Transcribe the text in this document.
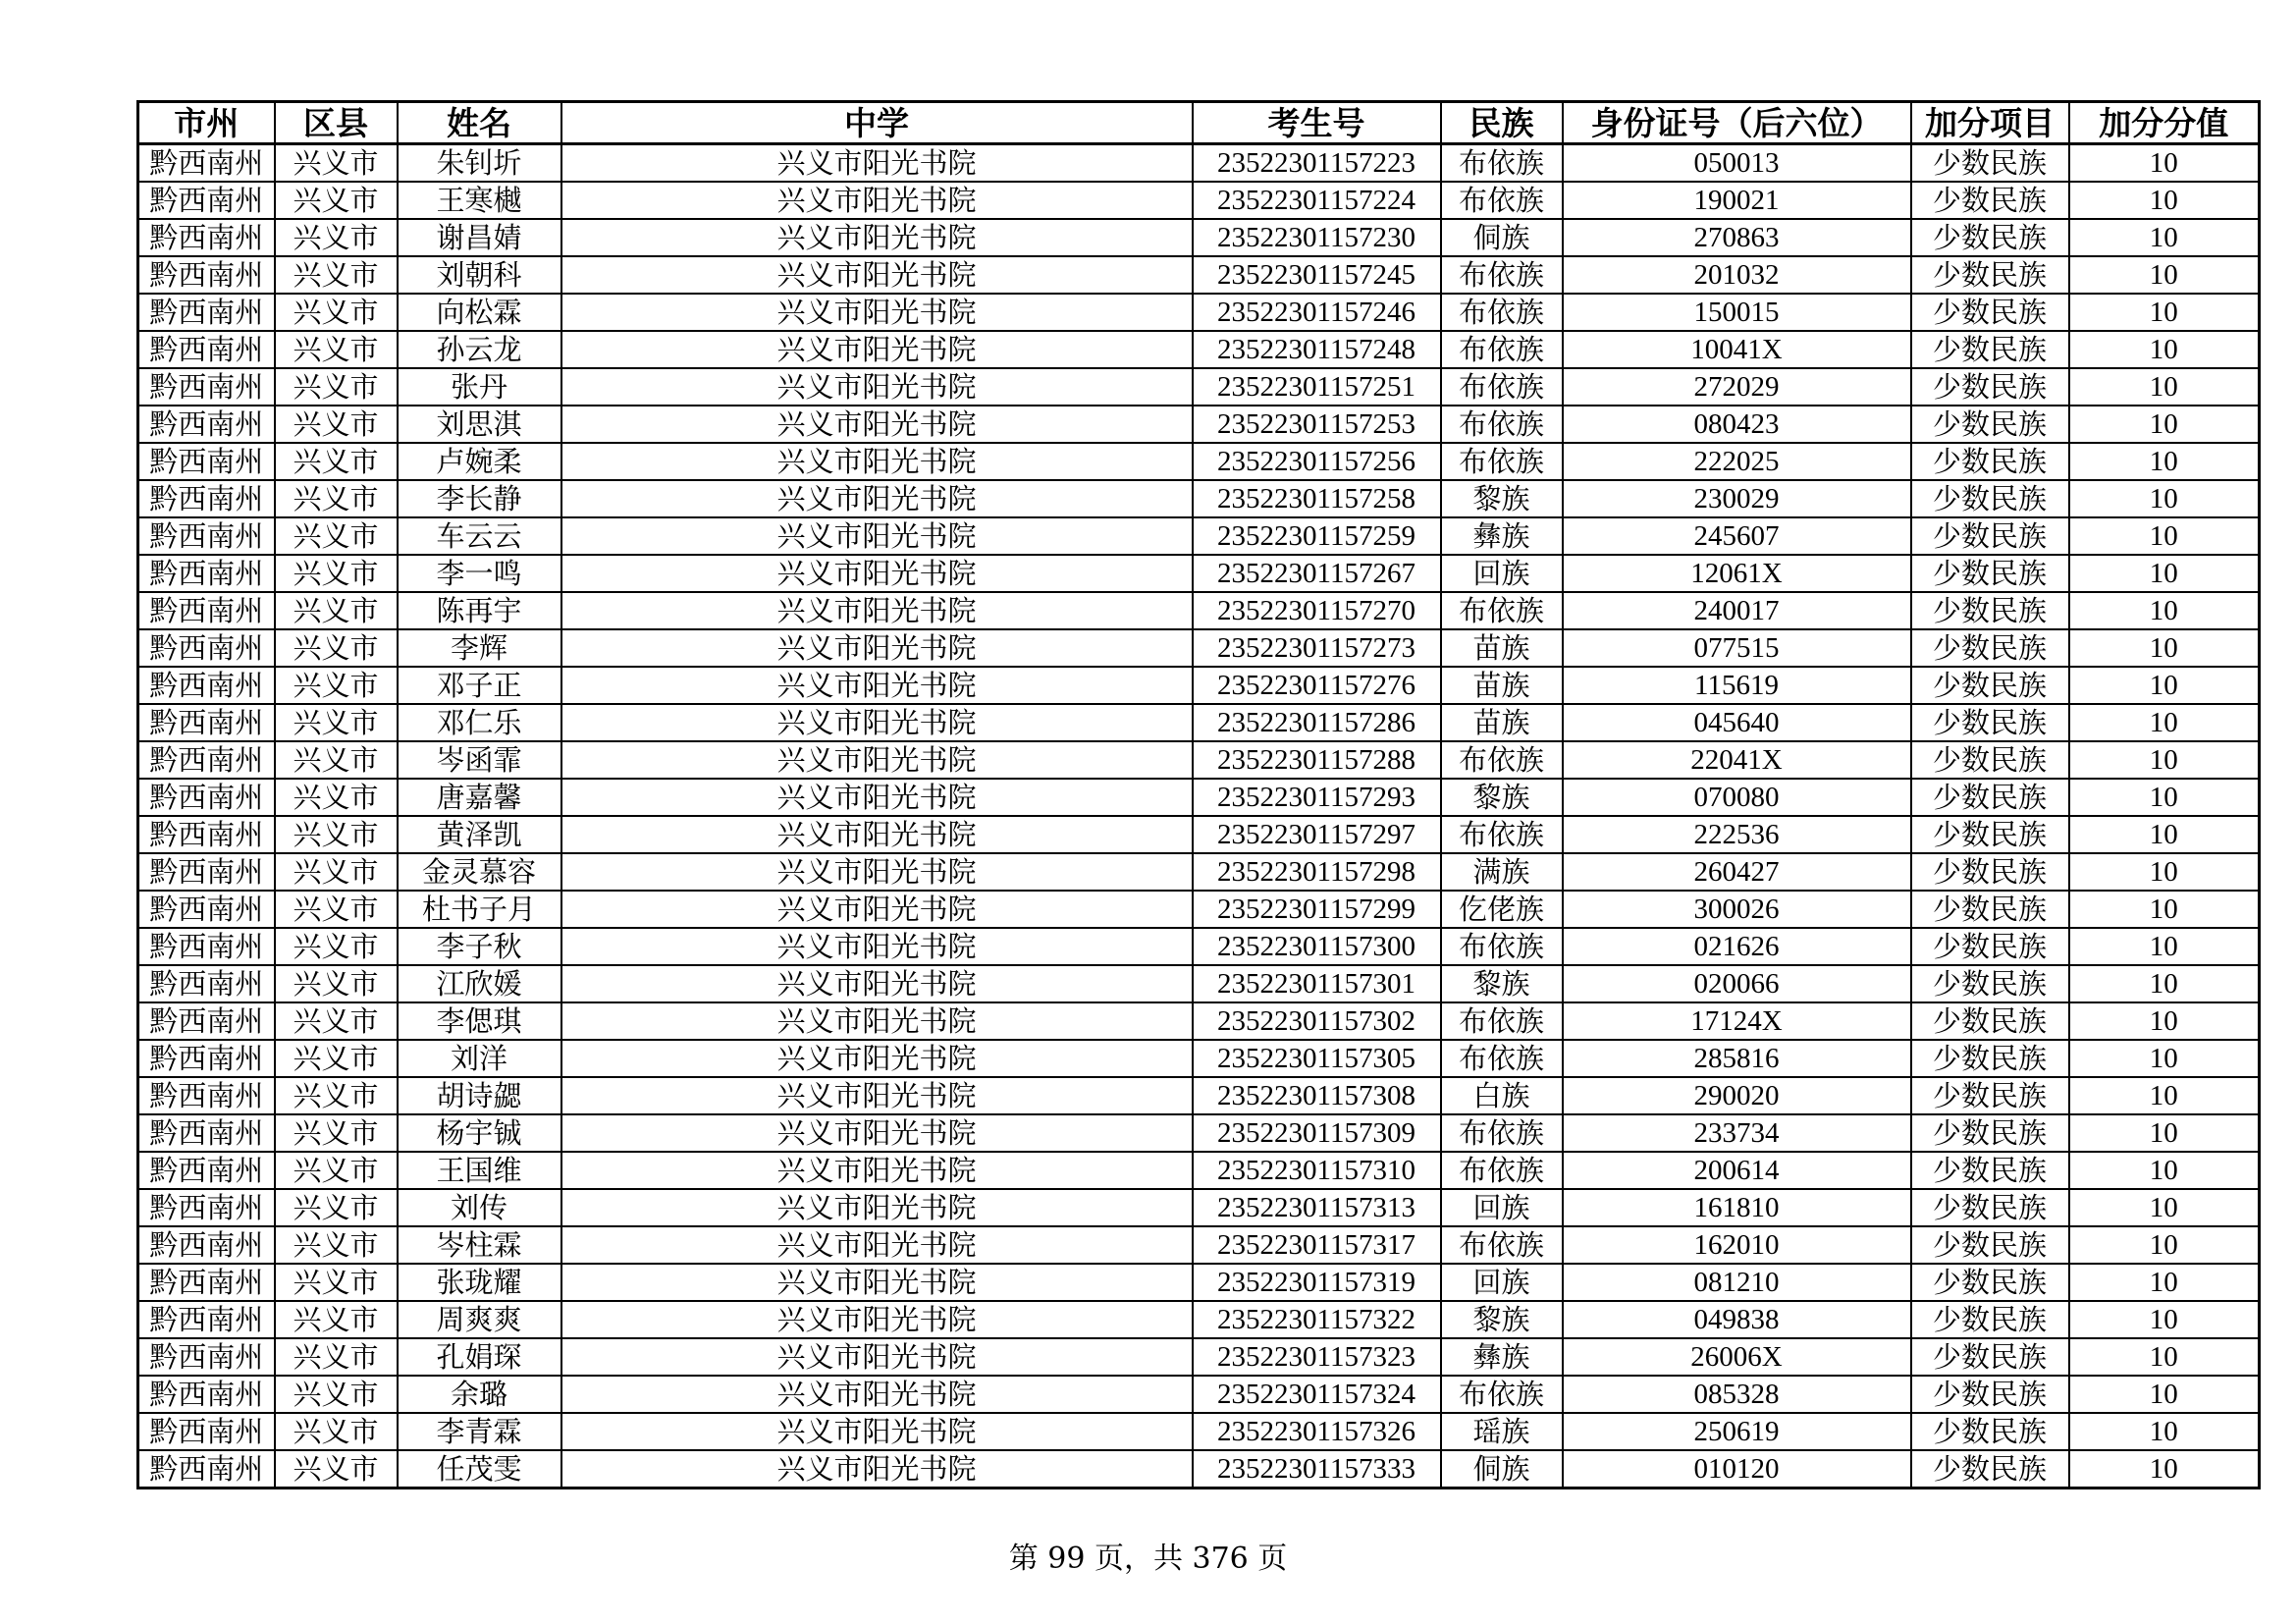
市州	区县	姓名	中学	考生号	民族	身份证号（后六位）	加分项目	加分分值
黔西南州	兴义市	朱钊圻	兴义市阳光书院	23522301157223	布依族	050013	少数民族	10
黔西南州	兴义市	王寒樾	兴义市阳光书院	23522301157224	布依族	190021	少数民族	10
黔西南州	兴义市	谢昌婧	兴义市阳光书院	23522301157230	侗族	270863	少数民族	10
黔西南州	兴义市	刘朝科	兴义市阳光书院	23522301157245	布依族	201032	少数民族	10
黔西南州	兴义市	向松霖	兴义市阳光书院	23522301157246	布依族	150015	少数民族	10
黔西南州	兴义市	孙云龙	兴义市阳光书院	23522301157248	布依族	10041X	少数民族	10
黔西南州	兴义市	张丹	兴义市阳光书院	23522301157251	布依族	272029	少数民族	10
黔西南州	兴义市	刘思淇	兴义市阳光书院	23522301157253	布依族	080423	少数民族	10
黔西南州	兴义市	卢婉柔	兴义市阳光书院	23522301157256	布依族	222025	少数民族	10
黔西南州	兴义市	李长静	兴义市阳光书院	23522301157258	黎族	230029	少数民族	10
黔西南州	兴义市	车云云	兴义市阳光书院	23522301157259	彝族	245607	少数民族	10
黔西南州	兴义市	李一鸣	兴义市阳光书院	23522301157267	回族	12061X	少数民族	10
黔西南州	兴义市	陈再宇	兴义市阳光书院	23522301157270	布依族	240017	少数民族	10
黔西南州	兴义市	李辉	兴义市阳光书院	23522301157273	苗族	077515	少数民族	10
黔西南州	兴义市	邓子正	兴义市阳光书院	23522301157276	苗族	115619	少数民族	10
黔西南州	兴义市	邓仁乐	兴义市阳光书院	23522301157286	苗族	045640	少数民族	10
黔西南州	兴义市	岑函霏	兴义市阳光书院	23522301157288	布依族	22041X	少数民族	10
黔西南州	兴义市	唐嘉馨	兴义市阳光书院	23522301157293	黎族	070080	少数民族	10
黔西南州	兴义市	黄泽凯	兴义市阳光书院	23522301157297	布依族	222536	少数民族	10
黔西南州	兴义市	金灵慕容	兴义市阳光书院	23522301157298	满族	260427	少数民族	10
黔西南州	兴义市	杜书子月	兴义市阳光书院	23522301157299	仡佬族	300026	少数民族	10
黔西南州	兴义市	李子秋	兴义市阳光书院	23522301157300	布依族	021626	少数民族	10
黔西南州	兴义市	江欣媛	兴义市阳光书院	23522301157301	黎族	020066	少数民族	10
黔西南州	兴义市	李偲琪	兴义市阳光书院	23522301157302	布依族	17124X	少数民族	10
黔西南州	兴义市	刘洋	兴义市阳光书院	23522301157305	布依族	285816	少数民族	10
黔西南州	兴义市	胡诗勰	兴义市阳光书院	23522301157308	白族	290020	少数民族	10
黔西南州	兴义市	杨宇铖	兴义市阳光书院	23522301157309	布依族	233734	少数民族	10
黔西南州	兴义市	王国维	兴义市阳光书院	23522301157310	布依族	200614	少数民族	10
黔西南州	兴义市	刘传	兴义市阳光书院	23522301157313	回族	161810	少数民族	10
黔西南州	兴义市	岑柱霖	兴义市阳光书院	23522301157317	布依族	162010	少数民族	10
黔西南州	兴义市	张珑耀	兴义市阳光书院	23522301157319	回族	081210	少数民族	10
黔西南州	兴义市	周爽爽	兴义市阳光书院	23522301157322	黎族	049838	少数民族	10
黔西南州	兴义市	孔娟琛	兴义市阳光书院	23522301157323	彝族	26006X	少数民族	10
黔西南州	兴义市	余璐	兴义市阳光书院	23522301157324	布依族	085328	少数民族	10
黔西南州	兴义市	李青霖	兴义市阳光书院	23522301157326	瑶族	250619	少数民族	10
黔西南州	兴义市	任茂雯	兴义市阳光书院	23522301157333	侗族	010120	少数民族	10
第 99 页，共 376 页
